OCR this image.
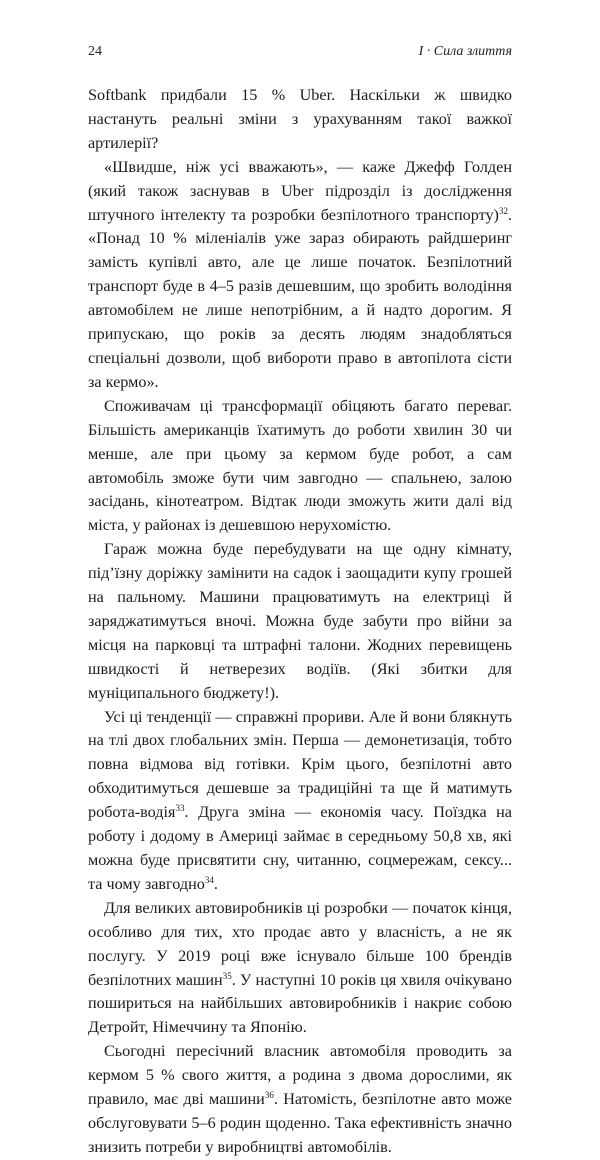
24	І · Сила злиття

Softbank придбали 15 % Uber. Наскільки ж швидко настануть реальні зміни з урахуванням такої важкої артилерії?

«Швидше, ніж усі вважають», — каже Джефф Голден (який також заснував в Uber підрозділ із дослідження штучного інтелекту та розробки безпілотного транспорту)$^{32}$. «Понад 10 % міленіалів уже зараз обирають райдшеринг замість купівлі авто, але це лише початок. Безпілотний транспорт буде в 4–5 разів дешевшим, що зробить володіння автомобілем не лише непотрібним, а й надто дорогим. Я припускаю, що років за десять людям знадобляться спеціальні дозволи, щоб вибороти право в автопілота сісти за кермо».

Споживачам ці трансформації обіцяють багато переваг. Більшість американців їхатимуть до роботи хвилин 30 чи менше, але при цьому за кермом буде робот, а сам автомобіль зможе бути чим завгодно — спальнею, залою засідань, кінотеатром. Відтак люди зможуть жити далі від міста, у районах із дешевшою нерухомістю.

Гараж можна буде перебудувати на ще одну кімнату, під’їзну доріжку замінити на садок і заощадити купу грошей на пальному. Машини працюватимуть на електриці й заряджатимуться вночі. Можна буде забути про війни за місця на парковці та штрафні талони. Жодних перевищень швидкості й нетверезих водіїв. (Які збитки для муніципального бюджету!).

Усі ці тенденції — справжні прориви. Але й вони блякнуть на тлі двох глобальних змін. Перша — демонетизація, тобто повна відмова від готівки. Крім цього, безпілотні авто обходитимуться дешевше за традиційні та ще й матимуть робота-водія$^{33}$. Друга зміна — економія часу. Поїздка на роботу і додому в Америці займає в середньому 50,8 хв, які можна буде присвятити сну, читанню, соцмережам, сексу... та чому завгодно$^{34}$.

Для великих автовиробників ці розробки — початок кінця, особливо для тих, хто продає авто у власність, а не як послугу. У 2019 році вже існувало більше 100 брендів безпілотних машин$^{35}$. У наступні 10 років ця хвиля очікувано пошириться на найбільших автовиробників і накриє собою Детройт, Німеччину та Японію.

Сьогодні пересічний власник автомобіля проводить за кермом 5 % свого життя, а родина з двома дорослими, як правило, має дві машини$^{36}$. Натомість, безпілотне авто може обслуговувати 5–6 родин щоденно. Така ефективність значно знизить потреби у виробництві автомобілів.
